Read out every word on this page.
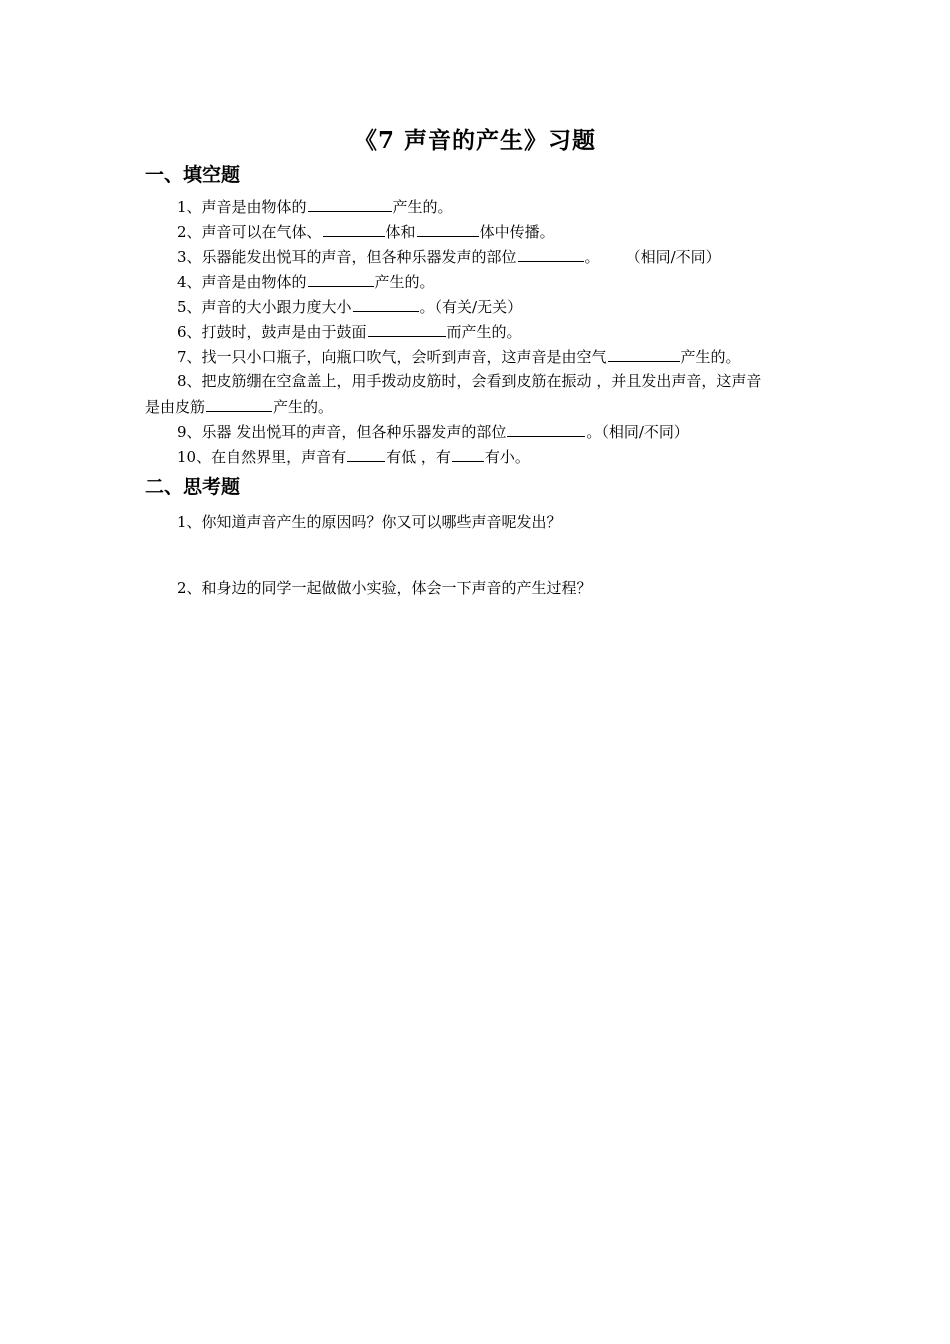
《7 声音的产生》习题
一、填空题
1、声音是由物体的	产生的。
2、声音可以在气体、	体和	体中传播。
3、乐器能发出悦耳的声音，但各种乐器发声的部位	。 （相同/不同）
4、声音是由物体的	产生的。
5、声音的大小跟力度大小	。（有关/无关）
6、打鼓时，鼓声是由于鼓面	而产生的。
7、找一只小口瓶子，向瓶口吹气，会听到声音，这声音是由空气	产生的。
8、把皮筋绷在空盒盖上，用手拨动皮筋时，会看到皮筋在振动 ，并且发出声音，这声音
是由皮筋	产生的。
9、乐器 发出悦耳的声音，但各种乐器发声的部位	。（相同/不同）
10、在自然界里，声音有	有低 ，有 有小。
二、思考题
1、你知道声音产生的原因吗？你又可以哪些声音呢发出？
2、和身边的同学一起做做小实验，体会一下声音的产生过程？
